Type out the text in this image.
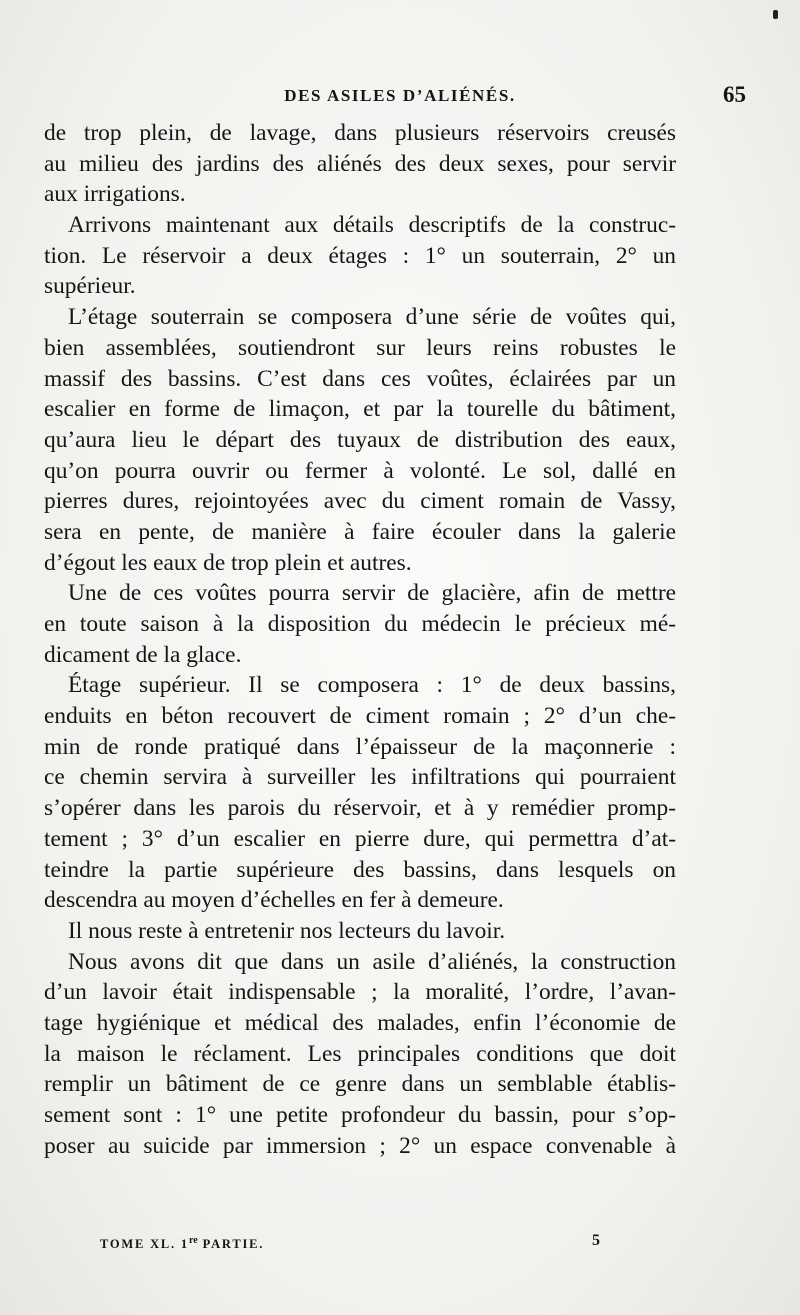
DES ASILES D’ALIÉNÉS.	65
de trop plein, de lavage, dans plusieurs réservoirs creusés
au milieu des jardins des aliénés des deux sexes, pour servir
aux irrigations.
Arrivons maintenant aux détails descriptifs de la construc-
tion. Le réservoir a deux étages : 1° un souterrain, 2° un
supérieur.
L’étage souterrain se composera d’une série de voûtes qui,
bien assemblées, soutiendront sur leurs reins robustes le
massif des bassins. C’est dans ces voûtes, éclairées par un
escalier en forme de limaçon, et par la tourelle du bâtiment,
qu’aura lieu le départ des tuyaux de distribution des eaux,
qu’on pourra ouvrir ou fermer à volonté. Le sol, dallé en
pierres dures, rejointoyées avec du ciment romain de Vassy,
sera en pente, de manière à faire écouler dans la galerie
d’égout les eaux de trop plein et autres.
Une de ces voûtes pourra servir de glacière, afin de mettre
en toute saison à la disposition du médecin le précieux mé-
dicament de la glace.
Étage supérieur. Il se composera : 1° de deux bassins,
enduits en béton recouvert de ciment romain ; 2° d’un che-
min de ronde pratiqué dans l’épaisseur de la maçonnerie :
ce chemin servira à surveiller les infiltrations qui pourraient
s’opérer dans les parois du réservoir, et à y remédier promp-
tement ; 3° d’un escalier en pierre dure, qui permettra d’at-
teindre la partie supérieure des bassins, dans lesquels on
descendra au moyen d’échelles en fer à demeure.
Il nous reste à entretenir nos lecteurs du lavoir.
Nous avons dit que dans un asile d’aliénés, la construction
d’un lavoir était indispensable ; la moralité, l’ordre, l’avan-
tage hygiénique et médical des malades, enfin l’économie de
la maison le réclament. Les principales conditions que doit
remplir un bâtiment de ce genre dans un semblable établis-
sement sont : 1° une petite profondeur du bassin, pour s’op-
poser au suicide par immersion ; 2° un espace convenable à
TOME XL. 1re PARTIE.	5
